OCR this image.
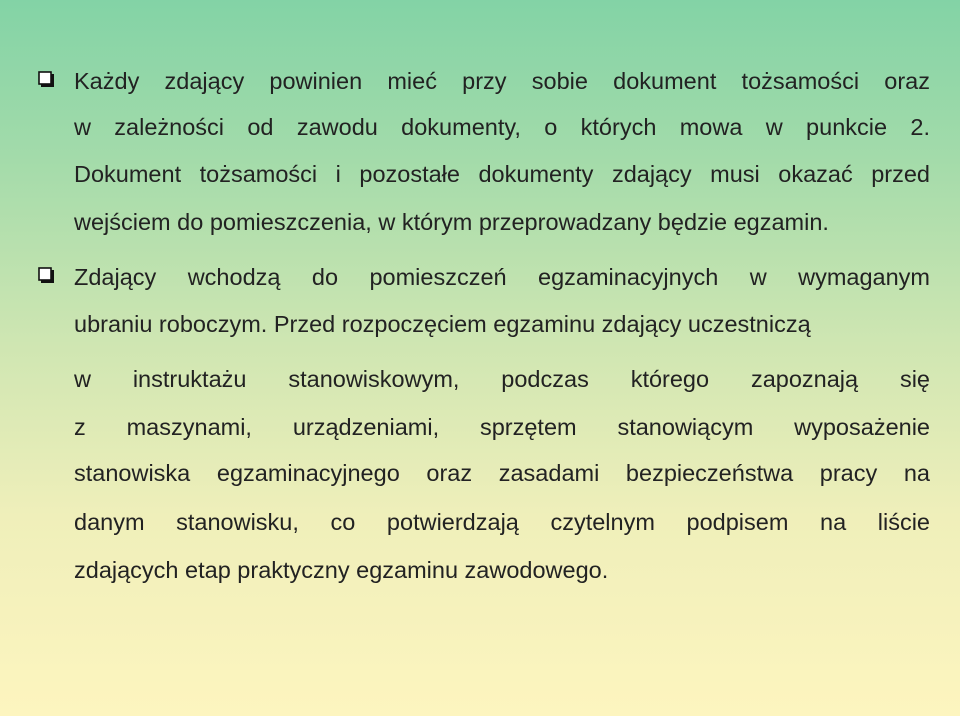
Każdy zdający powinien mieć przy sobie dokument tożsamości oraz
w zależności od zawodu dokumenty, o których mowa w punkcie 2.
Dokument tożsamości i pozostałe dokumenty zdający musi okazać przed
wejściem do pomieszczenia, w którym przeprowadzany będzie egzamin.
Zdający wchodzą do pomieszczeń egzaminacyjnych w wymaganym
ubraniu roboczym. Przed rozpoczęciem egzaminu zdający uczestniczą
w instruktażu stanowiskowym, podczas którego zapoznają się
z maszynami, urządzeniami, sprzętem stanowiącym wyposażenie
stanowiska egzaminacyjnego oraz zasadami bezpieczeństwa pracy na
danym stanowisku, co potwierdzają czytelnym podpisem na liście
zdających etap praktyczny egzaminu zawodowego.
